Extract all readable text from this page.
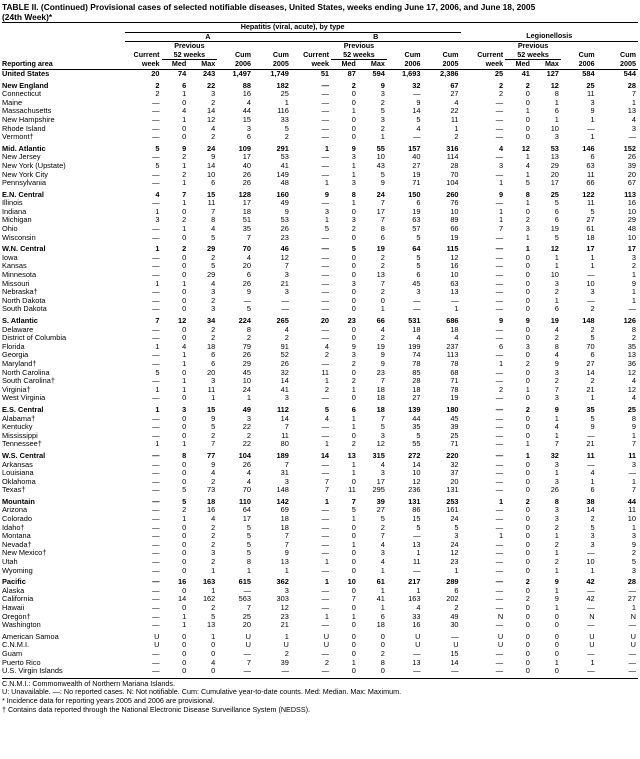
TABLE II. (Continued) Provisional cases of selected notifiable diseases, United States, weeks ending June 17, 2006, and June 18, 2005
(24th Week)*
	Hepatitis (viral, acute), by type														
	A					B					Legionellosis				
		Previous					Previous					Previous			
	Current	52 weeks		Cum	Cum	Current	52 weeks		Cum	Cum	Current	52 weeks		Cum	Cum
Reporting area	week	Med	Max	2006	2005	week	Med	Max	2006	2005	week	Med	Max	2006	2005
United States	20	74	243	1,497	1,749	51	87	594	1,693	2,386	25	41	127	584	544

New England	2	6	22	88	182	—	2	9	32	67	2	2	12	25	28
Connecticut	2	1	3	16	25	—	0	3	—	27	2	0	8	11	7
Maine	—	0	2	4	1	—	0	2	9	4	—	0	1	3	1
Massachusetts	—	4	14	44	116	—	1	5	14	22	—	1	6	9	13
New Hampshire	—	1	12	15	33	—	0	3	5	11	—	0	1	1	4
Rhode Island	—	0	4	3	5	—	0	2	4	1	—	0	10	—	3
Vermont†	—	0	2	6	2	—	0	1	—	2	—	0	3	1	—

Mid. Atlantic	5	9	24	109	291	1	9	55	157	316	4	12	53	146	152
New Jersey	—	2	9	17	53	—	3	10	40	114	—	1	13	6	26
New York (Upstate)	5	1	14	40	41	—	1	43	27	28	3	4	29	63	39
New York City	—	2	10	26	149	—	1	5	19	70	—	1	20	11	20
Pennsylvania	—	1	6	26	48	1	3	9	71	104	1	5	17	66	67

E.N. Central	4	7	15	128	160	9	8	24	150	260	9	8	25	122	113
Illinois	—	1	11	17	49	—	1	7	6	76	—	1	5	11	16
Indiana	1	0	7	18	9	3	0	17	19	10	1	0	6	5	10
Michigan	3	2	8	51	53	1	3	7	63	89	1	2	6	27	29
Ohio	—	1	4	35	26	5	2	8	57	66	7	3	19	61	48
Wisconsin	—	0	5	7	23	—	0	6	5	19	—	1	5	18	10

W.N. Central	1	2	29	70	46	—	5	19	64	115	—	1	12	17	17
Iowa	—	0	2	4	12	—	0	2	5	12	—	0	1	1	3
Kansas	—	0	5	20	7	—	0	2	5	16	—	0	1	1	2
Minnesota	—	0	29	6	3	—	0	13	6	10	—	0	10	—	1
Missouri	1	1	4	26	21	—	3	7	45	63	—	0	3	10	9
Nebraska†	—	0	3	9	3	—	0	2	3	13	—	0	2	3	1
North Dakota	—	0	2	—	—	—	0	0	—	—	—	0	1	—	1
South Dakota	—	0	3	5	—	—	0	1	—	1	—	0	6	2	—

S. Atlantic	7	12	34	224	265	20	23	66	531	686	9	9	19	148	126
Delaware	—	0	2	8	4	—	0	4	18	18	—	0	4	2	8
District of Columbia	—	0	2	2	2	—	0	2	4	4	—	0	2	5	2
Florida	1	4	18	79	91	4	9	19	199	237	6	3	8	70	35
Georgia	—	1	6	26	52	2	3	9	74	113	—	0	4	6	13
Maryland†	—	1	6	29	26	—	2	9	78	78	1	2	9	27	36
North Carolina	5	0	20	45	32	11	0	23	85	68	—	0	3	14	12
South Carolina†	—	1	3	10	14	1	2	7	28	71	—	0	2	2	4
Virginia†	1	1	11	24	41	2	1	18	18	78	2	1	7	21	12
West Virginia	—	0	1	1	3	—	0	18	27	19	—	0	3	1	4

E.S. Central	1	3	15	49	112	5	6	18	139	180	—	2	9	35	25
Alabama†	—	0	9	3	14	4	1	7	44	45	—	0	1	5	8
Kentucky	—	0	5	22	7	—	1	5	35	39	—	0	4	9	9
Mississippi	—	0	2	2	11	—	0	3	5	25	—	0	1	—	1
Tennessee†	1	1	7	22	80	1	2	12	55	71	—	1	7	21	7

W.S. Central	—	8	77	104	189	14	13	315	272	220	—	1	32	11	11
Arkansas	—	0	9	26	7	—	1	4	14	32	—	0	3	—	3
Louisiana	—	0	4	4	31	—	1	3	10	37	—	0	1	4	—
Oklahoma	—	0	2	4	3	7	0	17	12	20	—	0	3	1	1
Texas†	—	5	73	70	148	7	11	295	236	131	—	0	26	6	7

Mountain	—	5	18	110	142	1	7	39	131	253	1	2	8	38	44
Arizona	—	2	16	64	69	—	5	27	86	161	—	0	3	14	11
Colorado	—	1	4	17	18	—	1	5	15	24	—	0	3	2	10
Idaho†	—	0	2	5	18	—	0	2	5	5	—	0	2	5	1
Montana	—	0	2	5	7	—	0	7	—	3	1	0	1	3	3
Nevada†	—	0	2	5	7	—	1	4	13	24	—	0	2	3	9
New Mexico†	—	0	3	5	9	—	0	3	1	12	—	0	1	—	2
Utah	—	0	2	8	13	1	0	4	11	23	—	0	2	10	5
Wyoming	—	0	1	1	1	—	0	1	—	1	—	0	1	1	3

Pacific	—	16	163	615	362	1	10	61	217	289	—	2	9	42	28
Alaska	—	0	1	—	3	—	0	1	1	6	—	0	1	—	—
California	—	14	162	563	303	—	7	41	163	202	—	2	9	42	27
Hawaii	—	0	2	7	12	—	0	1	4	2	—	0	1	—	1
Oregon†	—	1	5	25	23	1	1	6	33	49	N	0	0	N	N
Washington	—	1	13	20	21	—	0	18	16	30	—	0	0	—	—

American Samoa	U	0	1	U	1	U	0	0	U	—	U	0	0	U	U
C.N.M.I.	U	0	0	U	U	U	0	0	U	U	U	0	0	U	U
Guam	—	0	0	—	2	—	0	2	—	15	—	0	0	—	—
Puerto Rico	—	0	4	7	39	2	1	8	13	14	—	0	1	1	—
U.S. Virgin Islands	—	0	0	—	—	—	0	0	—	—	—	0	0	—	—
C.N.M.I.: Commonwealth of Northern Mariana Islands.
U: Unavailable. —: No reported cases. N: Not notifiable. Cum: Cumulative year-to-date counts. Med: Median. Max: Maximum.
* Incidence data for reporting years 2005 and 2006 are provisional.
† Contains data reported through the National Electronic Disease Surveillance System (NEDSS).
